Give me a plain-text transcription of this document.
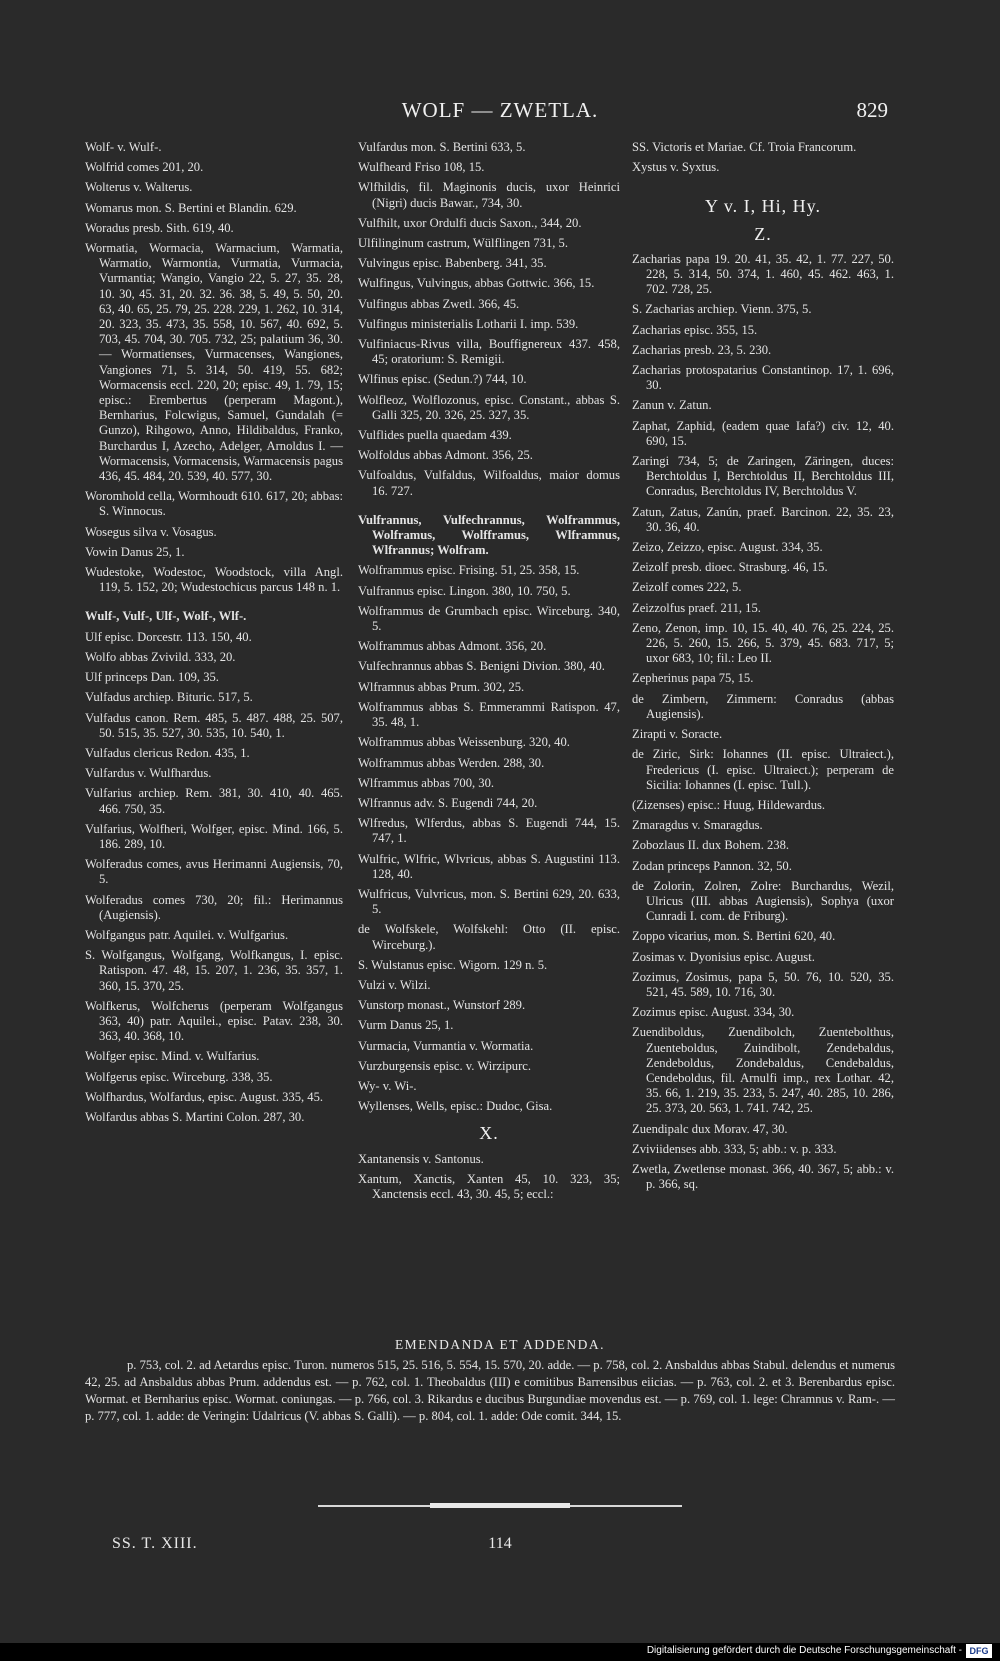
WOLF — ZWETLA.	829
Wolf- v. Wulf-.
Wolfrid comes 201, 20.
Wolterus v. Walterus.
Womarus mon. S. Bertini et Blandin. 629.
Woradus presb. Sith. 619, 40.
Wormatia, Wormacia, Warmacium, Warmatia, Warmatio, Warmontia, Vurmatia, Vurmacia, Vurmantia; Wangio, Vangio 22, 5. 27, 35. 28, 10. 30, 45. 31, 20. 32. 36. 38, 5. 49, 5. 50, 20. 63, 40. 65, 25. 79, 25. 228. 229, 1. 262, 10. 314, 20. 323, 35. 473, 35. 558, 10. 567, 40. 692, 5. 703, 45. 704, 30. 705. 732, 25; palatium 36, 30. — Wormatienses, Vurmacenses, Wangiones, Vangiones 71, 5. 314, 50. 419, 55. 682; Wormacensis eccl. 220, 20; episc. 49, 1. 79, 15; episc.: Erembertus (perperam Magont.), Bernharius, Folcwigus, Samuel, Gundalah (= Gunzo), Rihgowo, Anno, Hildibaldus, Franko, Burchardus I, Azecho, Adelger, Arnoldus I. — Wormacensis, Vormacensis, Warmacensis pagus 436, 45. 484, 20. 539, 40. 577, 30.
Woromhold cella, Wormhoudt 610. 617, 20; abbas: S. Winnocus.
Wosegus silva v. Vosagus.
Vowin Danus 25, 1.
Wudestoke, Wodestoc, Woodstock, villa Angl. 119, 5. 152, 20; Wudestochicus parcus 148 n. 1.
Wulf-, Vulf-, Ulf-, Wolf-, Wlf-.
Ulf episc. Dorcestr. 113. 150, 40.
Wolfo abbas Zvivild. 333, 20.
Ulf princeps Dan. 109, 35.
Vulfadus archiep. Bituric. 517, 5.
Vulfadus canon. Rem. 485, 5. 487. 488, 25. 507, 50. 515, 35. 527, 30. 535, 10. 540, 1.
Vulfadus clericus Redon. 435, 1.
Vulfardus v. Wulfhardus.
Vulfarius archiep. Rem. 381, 30. 410, 40. 465. 466. 750, 35.
Vulfarius, Wolfheri, Wolfger, episc. Mind. 166, 5. 186. 289, 10.
Wolferadus comes, avus Herimanni Augiensis, 70, 5.
Wolferadus comes 730, 20; fil.: Herimannus (Augiensis).
Wolfgangus patr. Aquilei. v. Wulfgarius.
S. Wolfgangus, Wolfgang, Wolfkangus, I. episc. Ratispon. 47. 48, 15. 207, 1. 236, 35. 357, 1. 360, 15. 370, 25.
Wolfkerus, Wolfcherus (perperam Wolfgangus 363, 40) patr. Aquilei., episc. Patav. 238, 30. 363, 40. 368, 10.
Wolfger episc. Mind. v. Wulfarius.
Wolfgerus episc. Wirceburg. 338, 35.
Wolfhardus, Wolfardus, episc. August. 335, 45.
Wolfardus abbas S. Martini Colon. 287, 30.
Vulfardus mon. S. Bertini 633, 5.
Wulfheard Friso 108, 15.
Wlfhildis, fil. Maginonis ducis, uxor Heinrici (Nigri) ducis Bawar., 734, 30.
Vulfhilt, uxor Ordulfi ducis Saxon., 344, 20.
Ulfilinginum castrum, Wülflingen 731, 5.
Vulvingus episc. Babenberg. 341, 35.
Wulfingus, Vulvingus, abbas Gottwic. 366, 15.
Vulfingus abbas Zwetl. 366, 45.
Vulfingus ministerialis Lotharii I. imp. 539.
Vulfiniacus-Rivus villa, Bouffignereux 437. 458, 45; oratorium: S. Remigii.
Wlfinus episc. (Sedun.?) 744, 10.
Wolfleoz, Wolflozonus, episc. Constant., abbas S. Galli 325, 20. 326, 25. 327, 35.
Vulflides puella quaedam 439.
Wolfoldus abbas Admont. 356, 25.
Vulfoaldus, Vulfaldus, Wilfoaldus, maior domus 16. 727.
Vulfrannus, Vulfechrannus, Wolframmus, Wolframus, Wolfframus, Wlframnus, Wlfrannus; Wolfram.
Wolframmus episc. Frising. 51, 25. 358, 15.
Vulfrannus episc. Lingon. 380, 10. 750, 5.
Wolframmus de Grumbach episc. Wirceburg. 340, 5.
Wolframmus abbas Admont. 356, 20.
Vulfechrannus abbas S. Benigni Divion. 380, 40.
Wlframnus abbas Prum. 302, 25.
Wolframmus abbas S. Emmerammi Ratispon. 47, 35. 48, 1.
Wolframmus abbas Weissenburg. 320, 40.
Wolframmus abbas Werden. 288, 30.
Wlframmus abbas 700, 30.
Wlfrannus adv. S. Eugendi 744, 20.
Wlfredus, Wlferdus, abbas S. Eugendi 744, 15. 747, 1.
Wulfric, Wlfric, Wlvricus, abbas S. Augustini 113. 128, 40.
Wulfricus, Vulvricus, mon. S. Bertini 629, 20. 633, 5.
de Wolfskele, Wolfskehl: Otto (II. episc. Wirceburg.).
S. Wulstanus episc. Wigorn. 129 n. 5.
Vulzi v. Wilzi.
Vunstorp monast., Wunstorf 289.
Vurm Danus 25, 1.
Vurmacia, Vurmantia v. Wormatia.
Vurzburgensis episc. v. Wirzipurc.
Wy- v. Wi-.
Wyllenses, Wells, episc.: Dudoc, Gisa.
X.
Xantanensis v. Santonus.
Xantum, Xanctis, Xanten 45, 10. 323, 35; Xanctensis eccl. 43, 30. 45, 5; eccl.:
SS. Victoris et Mariae. Cf. Troia Francorum.
Xystus v. Syxtus.
Y v. I, Hi, Hy.
Z.
Zacharias papa 19. 20. 41, 35. 42, 1. 77. 227, 50. 228, 5. 314, 50. 374, 1. 460, 45. 462. 463, 1. 702. 728, 25.
S. Zacharias archiep. Vienn. 375, 5.
Zacharias episc. 355, 15.
Zacharias presb. 23, 5. 230.
Zacharias protospatarius Constantinop. 17, 1. 696, 30.
Zanun v. Zatun.
Zaphat, Zaphid, (eadem quae Iafa?) civ. 12, 40. 690, 15.
Zaringi 734, 5; de Zaringen, Zäringen, duces: Berchtoldus I, Berchtoldus II, Berchtoldus III, Conradus, Berchtoldus IV, Berchtoldus V.
Zatun, Zatus, Zanún, praef. Barcinon. 22, 35. 23, 30. 36, 40.
Zeizo, Zeizzo, episc. August. 334, 35.
Zeizolf presb. dioec. Strasburg. 46, 15.
Zeizolf comes 222, 5.
Zeizzolfus praef. 211, 15.
Zeno, Zenon, imp. 10, 15. 40, 40. 76, 25. 224, 25. 226, 5. 260, 15. 266, 5. 379, 45. 683. 717, 5; uxor 683, 10; fil.: Leo II.
Zepherinus papa 75, 15.
de Zimbern, Zimmern: Conradus (abbas Augiensis).
Zirapti v. Soracte.
de Ziric, Sirk: Iohannes (II. episc. Ultraiect.), Fredericus (I. episc. Ultraiect.); perperam de Sicilia: Iohannes (I. episc. Tull.).
(Zizenses) episc.: Huug, Hildewardus.
Zmaragdus v. Smaragdus.
Zobozlaus II. dux Bohem. 238.
Zodan princeps Pannon. 32, 50.
de Zolorin, Zolren, Zolre: Burchardus, Wezil, Ulricus (III. abbas Augiensis), Sophya (uxor Cunradi I. com. de Friburg).
Zoppo vicarius, mon. S. Bertini 620, 40.
Zosimas v. Dyonisius episc. August.
Zozimus, Zosimus, papa 5, 50. 76, 10. 520, 35. 521, 45. 589, 10. 716, 30.
Zozimus episc. August. 334, 30.
Zuendiboldus, Zuendibolch, Zuentebolthus, Zuenteboldus, Zuindibolt, Zendebaldus, Zendeboldus, Zondebaldus, Cendebaldus, Cendeboldus, fil. Arnulfi imp., rex Lothar. 42, 35. 66, 1. 219, 35. 233, 5. 247, 40. 285, 10. 286, 25. 373, 20. 563, 1. 741. 742, 25.
Zuendipalc dux Morav. 47, 30.
Zviviidenses abb. 333, 5; abb.: v. p. 333.
Zwetla, Zwetlense monast. 366, 40. 367, 5; abb.: v. p. 366, sq.
EMENDANDA ET ADDENDA.
p. 753, col. 2. ad Aetardus episc. Turon. numeros 515, 25. 516, 5. 554, 15. 570, 20. adde. — p. 758, col. 2. Ansbaldus abbas Stabul. delendus et numerus 42, 25. ad Ansbaldus abbas Prum. addendus est. — p. 762, col. 1. Theobaldus (III) e comitibus Barrensibus eiicias. — p. 763, col. 2. et 3. Berenbardus episc. Wormat. et Bernharius episc. Wormat. coniungas. — p. 766, col. 3. Rikardus e ducibus Burgundiae movendus est. — p. 769, col. 1. lege: Chramnus v. Ram-. — p. 777, col. 1. adde: de Veringin: Udalricus (V. abbas S. Galli). — p. 804, col. 1. adde: Ode comit. 344, 15.
SS. T. XIII.	114
Digitalisierung gefördert durch die Deutsche Forschungsgemeinschaft - DFG
